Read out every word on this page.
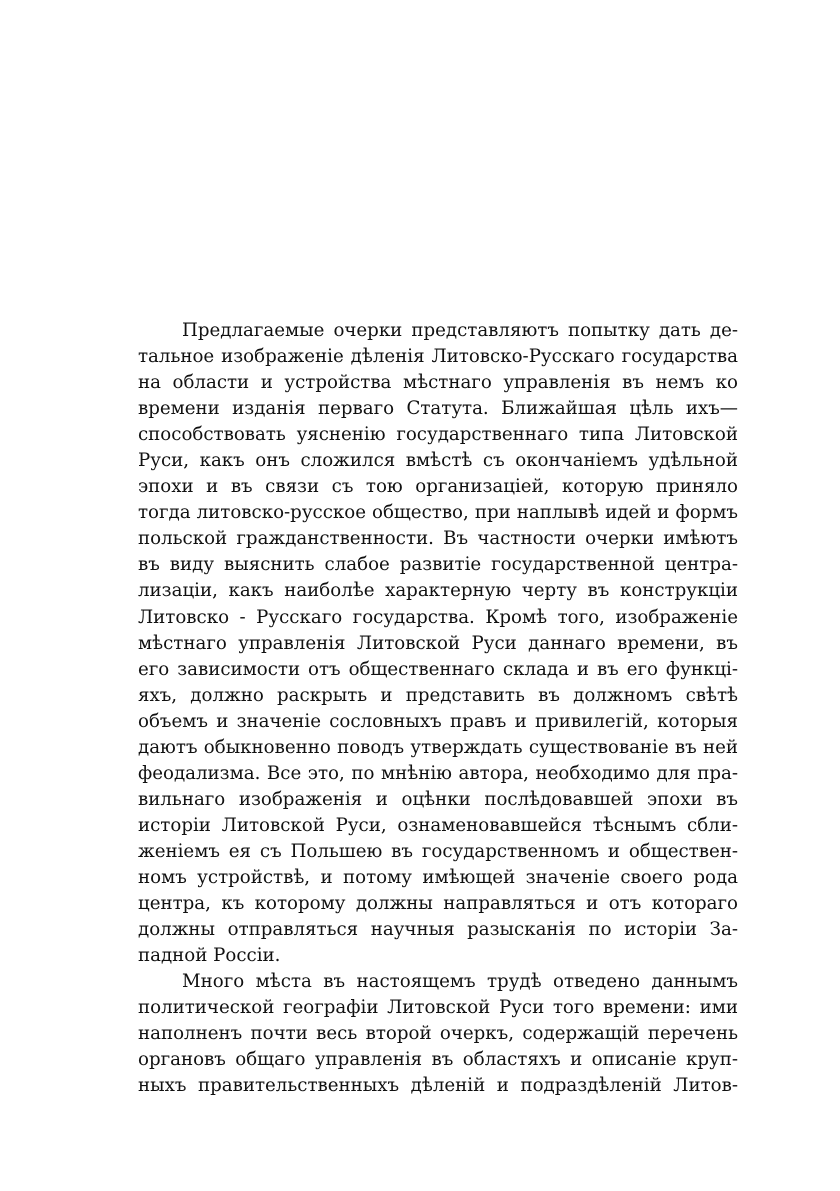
Предлагаемые очерки представляютъ попытку дать де-
тальное изображеніе дѣленія Литовско-Русскаго государства
на области и устройства мѣстнаго управленія въ немъ ко
времени изданія перваго Статута. Ближайшая цѣль ихъ—
способствовать уясненію государственнаго типа Литовской
Руси, какъ онъ сложился вмѣстѣ съ окончаніемъ удѣльной
эпохи и въ связи съ тою организаціей, которую приняло
тогда литовско-русское общество, при наплывѣ идей и формъ
польской гражданственности. Въ частности очерки имѣютъ
въ виду выяснить слабое развитіе государственной центра-
лизаціи, какъ наиболѣе характерную черту въ конструкціи
Литовско - Русскаго государства. Кромѣ того, изображеніе
мѣстнаго управленія Литовской Руси даннаго времени, въ
его зависимости отъ общественнаго склада и въ его функці-
яхъ, должно раскрыть и представить въ должномъ свѣтѣ
объемъ и значеніе сословныхъ правъ и привилегій, которыя
даютъ обыкновенно поводъ утверждать существованіе въ ней
феодализма. Все это, по мнѣнію автора, необходимо для пра-
вильнаго изображенія и оцѣнки послѣдовавшей эпохи въ
исторіи Литовской Руси, ознаменовавшейся тѣснымъ сбли-
женіемъ ея съ Польшею въ государственномъ и обществен-
номъ устройствѣ, и потому имѣющей значеніе своего рода
центра, къ которому должны направляться и отъ котораго
должны отправляться научныя разысканія по исторіи За-
падной Россіи.
Много мѣста въ настоящемъ трудѣ отведено даннымъ
политической географіи Литовской Руси того времени: ими
наполненъ почти весь второй очеркъ, содержащій перечень
органовъ общаго управленія въ областяхъ и описаніе круп-
ныхъ правительственныхъ дѣленій и подраздѣленій Литов-
